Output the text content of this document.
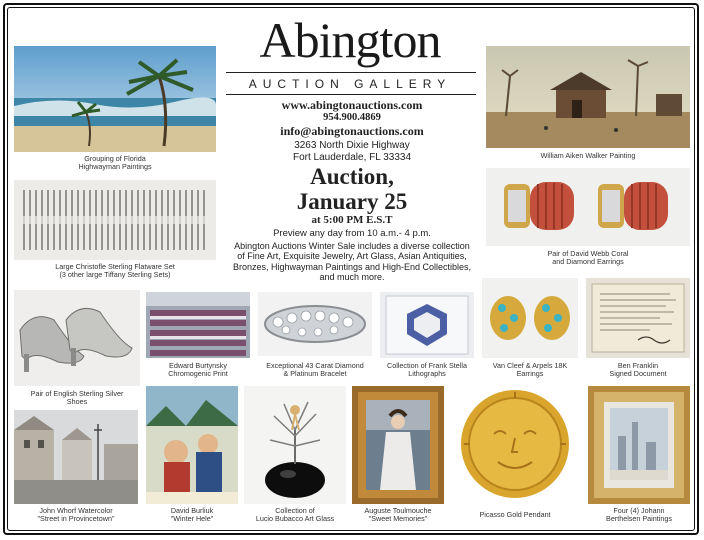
Abington
AUCTION GALLERY
www.abingtonauctions.com
954.900.4869
info@abingtonauctions.com
3263 North Dixie Highway
Fort Lauderdale, FL 33334
Auction,
January 25
at 5:00 PM E.S.T
Preview any day from 10 a.m.- 4 p.m.
Abington Auctions Winter Sale includes a diverse collection of Fine Art, Exquisite Jewelry, Art Glass, Asian Antiquities, Bronzes, Highwayman Paintings and High-End Collectibles, and much more.
Grouping of Florida
Highwayman Paintings
William Aiken Walker Painting
Large Christofle Sterling Flatware Set
(3 other large Tiffany Sterling Sets)
Pair of David Webb Coral
and Diamond Earrings
Pair of English Sterling Silver
Shoes
Edward Burtynsky
Chromogenic Print
Exceptional 43 Carat Diamond
& Platinum Bracelet
Collection of Frank Stella
Lithographs
Van Cleef & Arpels 18K
Earrings
Ben Franklin
Signed Document
John Whorf Watercolor
"Street in Provincetown"
David Burliuk
"Winter Hele"
Collection of
Lucio Bubacco Art Glass
Auguste Toulmouche
"Sweet Memories"	Picasso Gold Pendant	Four (4) Johann
Berthelsen Paintings
